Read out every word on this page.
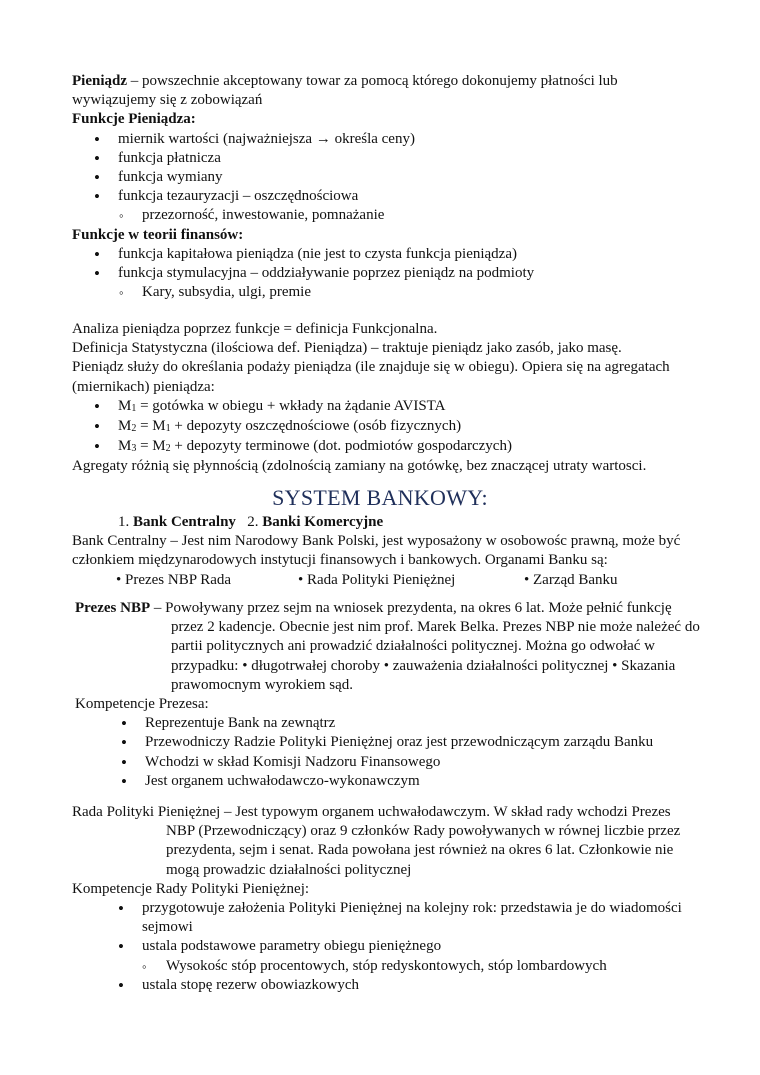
Pieniądz – powszechnie akceptowany towar za pomocą którego dokonujemy płatności lub wywiązujemy się z zobowiązań

Funkcje Pieniądza:

• miernik wartości (najważniejsza → określa ceny)
• funkcja płatnicza
• funkcja wymiany
• funkcja tezauryzacji – oszczędnościowa
◦ przezorność, inwestowanie, pomnażanie

Funkcje w teorii finansów:

• funkcja kapitałowa pieniądza (nie jest to czysta funkcja pieniądza)
• funkcja stymulacyjna – oddziaływanie poprzez pieniądz na podmioty
◦ Kary, subsydia, ulgi, premie

Analiza pieniądza poprzez funkcje = definicja Funkcjonalna.

Definicja Statystyczna (ilościowa def. Pieniądza) – traktuje pieniądz jako zasób, jako masę.

Pieniądz służy do określania podaży pieniądza (ile znajduje się w obiegu). Opiera się na agregatach (miernikach) pieniądza:

• $M_1$ = gotówka w obiegu + wkłady na żądanie AVISTA
• $M_2 = M_1$ + depozyty oszczędnościowe (osób fizycznych)
• $M_3 = M_2$ + depozyty terminowe (dot. podmiotów gospodarczych)

Agregaty różnią się płynnością (zdolnością zamiany na gotówkę, bez znaczącej utraty wartosci.

SYSTEM BANKOWY:

1. Bank Centralny   2. Banki Komercyjne

Bank Centralny – Jest nim Narodowy Bank Polski, jest wyposażony w osobowośc prawną, może być członkiem międzynarodowych instytucji finansowych i bankowych. Organami Banku są:

• Prezes NBP Rada	• Rada Polityki Pieniężnej	• Zarząd Banku

Prezes NBP – Powoływany przez sejm na wniosek prezydenta, na okres 6 lat. Może pełnić funkcję przez 2 kadencje. Obecnie jest nim prof. Marek Belka. Prezes NBP nie może należeć do partii politycznych ani prowadzić działalności politycznej. Można go odwołać w przypadku: • długotrwałej choroby • zauważenia działalności politycznej • Skazania prawomocnym wyrokiem sąd.

Kompetencje Prezesa:

• Reprezentuje Bank na zewnątrz
• Przewodniczy Radzie Polityki Pieniężnej oraz jest przewodniczącym zarządu Banku
• Wchodzi w skład Komisji Nadzoru Finansowego
• Jest organem uchwałodawczo-wykonawczym

Rada Polityki Pieniężnej – Jest typowym organem uchwałodawczym. W skład rady wchodzi Prezes NBP (Przewodniczący) oraz 9 członków Rady powoływanych w równej liczbie przez prezydenta, sejm i senat. Rada powołana jest również na okres 6 lat. Członkowie nie mogą prowadzic działalności politycznej

Kompetencje Rady Polityki Pieniężnej:

• przygotowuje założenia Polityki Pieniężnej na kolejny rok: przedstawia je do wiadomości sejmowi
• ustala podstawowe parametry obiegu pieniężnego
◦ Wysokośc stóp procentowych, stóp redyskontowych, stóp lombardowych
• ustala stopę rezerw obowiazkowych
